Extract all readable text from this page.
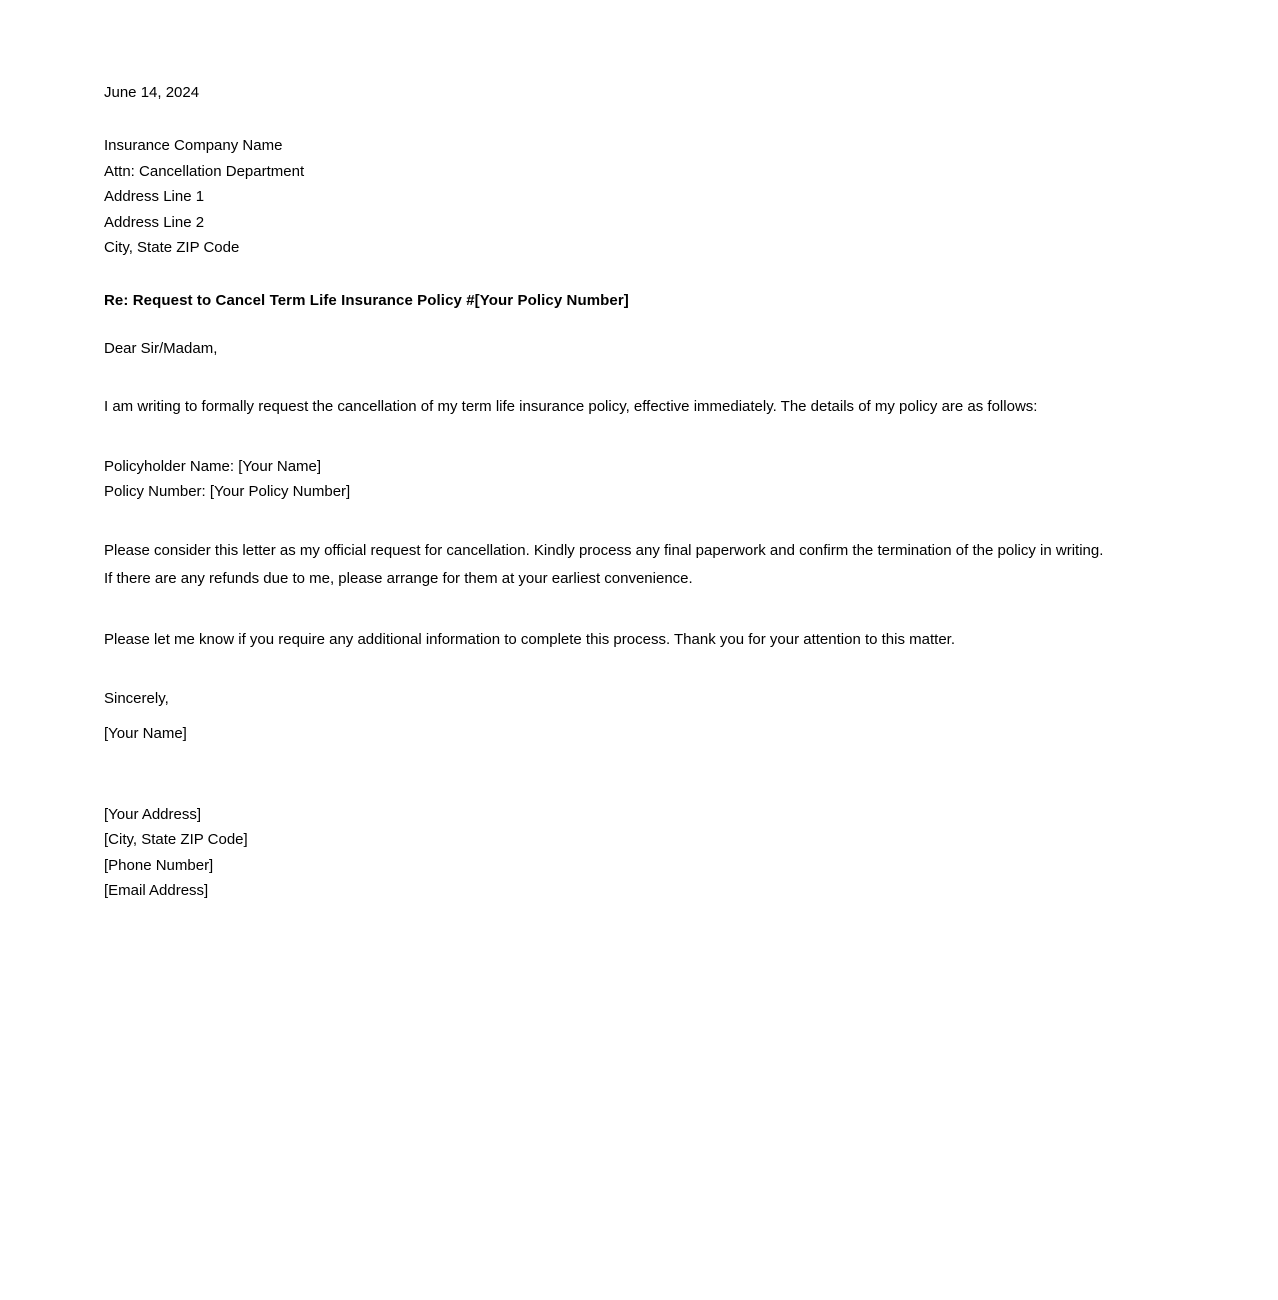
June 14, 2024
Insurance Company Name
Attn: Cancellation Department
Address Line 1
Address Line 2
City, State ZIP Code
Re: Request to Cancel Term Life Insurance Policy #[Your Policy Number]
Dear Sir/Madam,
I am writing to formally request the cancellation of my term life insurance policy, effective immediately. The details of my policy are as follows:
Policyholder Name: [Your Name]
Policy Number: [Your Policy Number]
Please consider this letter as my official request for cancellation. Kindly process any final paperwork and confirm the termination of the policy in writing.
If there are any refunds due to me, please arrange for them at your earliest convenience.
Please let me know if you require any additional information to complete this process. Thank you for your attention to this matter.
Sincerely,
[Your Name]
[Your Address]
[City, State ZIP Code]
[Phone Number]
[Email Address]
